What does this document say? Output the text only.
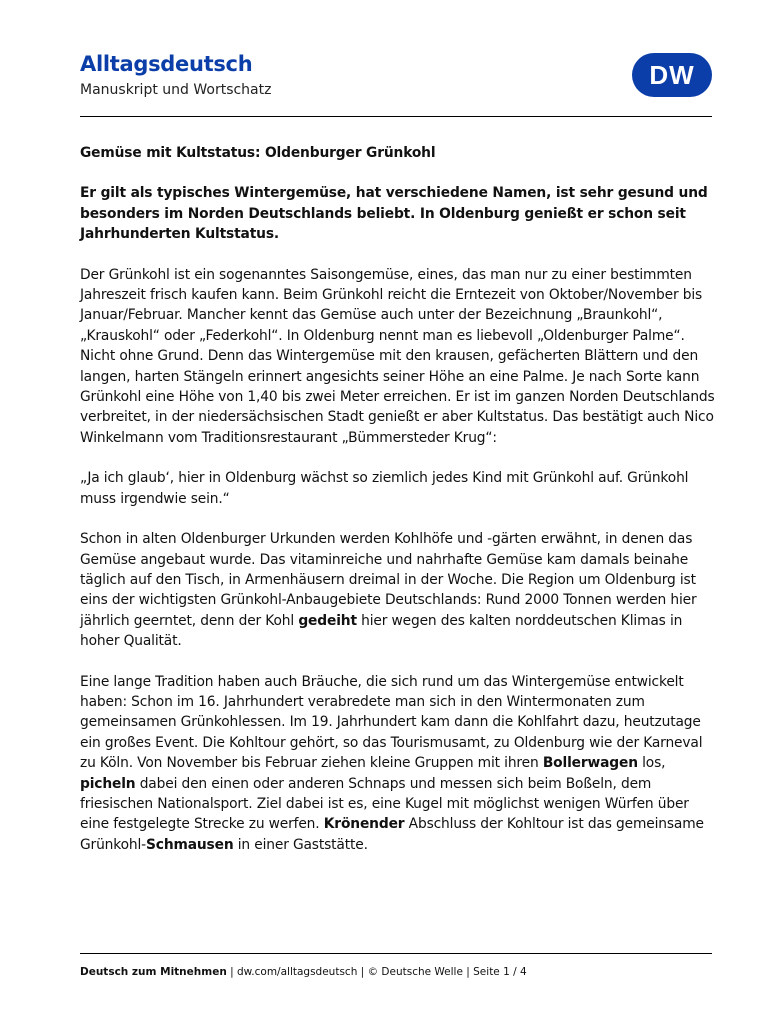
Alltagsdeutsch
Manuskript und Wortschatz	DW

Gemüse mit Kultstatus: Oldenburger Grünkohl

Er gilt als typisches Wintergemüse, hat verschiedene Namen, ist sehr gesund und besonders im Norden Deutschlands beliebt. In Oldenburg genießt er schon seit Jahrhunderten Kultstatus.

Der Grünkohl ist ein sogenanntes Saisongemüse, eines, das man nur zu einer bestimmten Jahreszeit frisch kaufen kann. Beim Grünkohl reicht die Erntezeit von Oktober/November bis Januar/Februar. Mancher kennt das Gemüse auch unter der Bezeichnung „Braunkohl“, „Krauskohl“ oder „Federkohl“. In Oldenburg nennt man es liebevoll „Oldenburger Palme“. Nicht ohne Grund. Denn das Wintergemüse mit den krausen, gefächerten Blättern und den langen, harten Stängeln erinnert angesichts seiner Höhe an eine Palme. Je nach Sorte kann Grünkohl eine Höhe von 1,40 bis zwei Meter erreichen. Er ist im ganzen Norden Deutschlands verbreitet, in der niedersächsischen Stadt genießt er aber Kultstatus. Das bestätigt auch Nico Winkelmann vom Traditionsrestaurant „Bümmersteder Krug“:

„Ja ich glaub‘, hier in Oldenburg wächst so ziemlich jedes Kind mit Grünkohl auf. Grünkohl muss irgendwie sein.“

Schon in alten Oldenburger Urkunden werden Kohlhöfe und -gärten erwähnt, in denen das Gemüse angebaut wurde. Das vitaminreiche und nahrhafte Gemüse kam damals beinahe täglich auf den Tisch, in Armenhäusern dreimal in der Woche. Die Region um Oldenburg ist eins der wichtigsten Grünkohl-Anbaugebiete Deutschlands: Rund 2000 Tonnen werden hier jährlich geerntet, denn der Kohl gedeiht hier wegen des kalten norddeutschen Klimas in hoher Qualität.

Eine lange Tradition haben auch Bräuche, die sich rund um das Wintergemüse entwickelt haben: Schon im 16. Jahrhundert verabredete man sich in den Wintermonaten zum gemeinsamen Grünkohlessen. Im 19. Jahrhundert kam dann die Kohlfahrt dazu, heutzutage ein großes Event. Die Kohltour gehört, so das Tourismusamt, zu Oldenburg wie der Karneval zu Köln. Von November bis Februar ziehen kleine Gruppen mit ihren Bollerwagen los, picheln dabei den einen oder anderen Schnaps und messen sich beim Boßeln, dem friesischen Nationalsport. Ziel dabei ist es, eine Kugel mit möglichst wenigen Würfen über eine festgelegte Strecke zu werfen. Krönender Abschluss der Kohltour ist das gemeinsame Grünkohl-Schmausen in einer Gaststätte.

Deutsch zum Mitnehmen | dw.com/alltagsdeutsch | © Deutsche Welle | Seite 1 / 4
